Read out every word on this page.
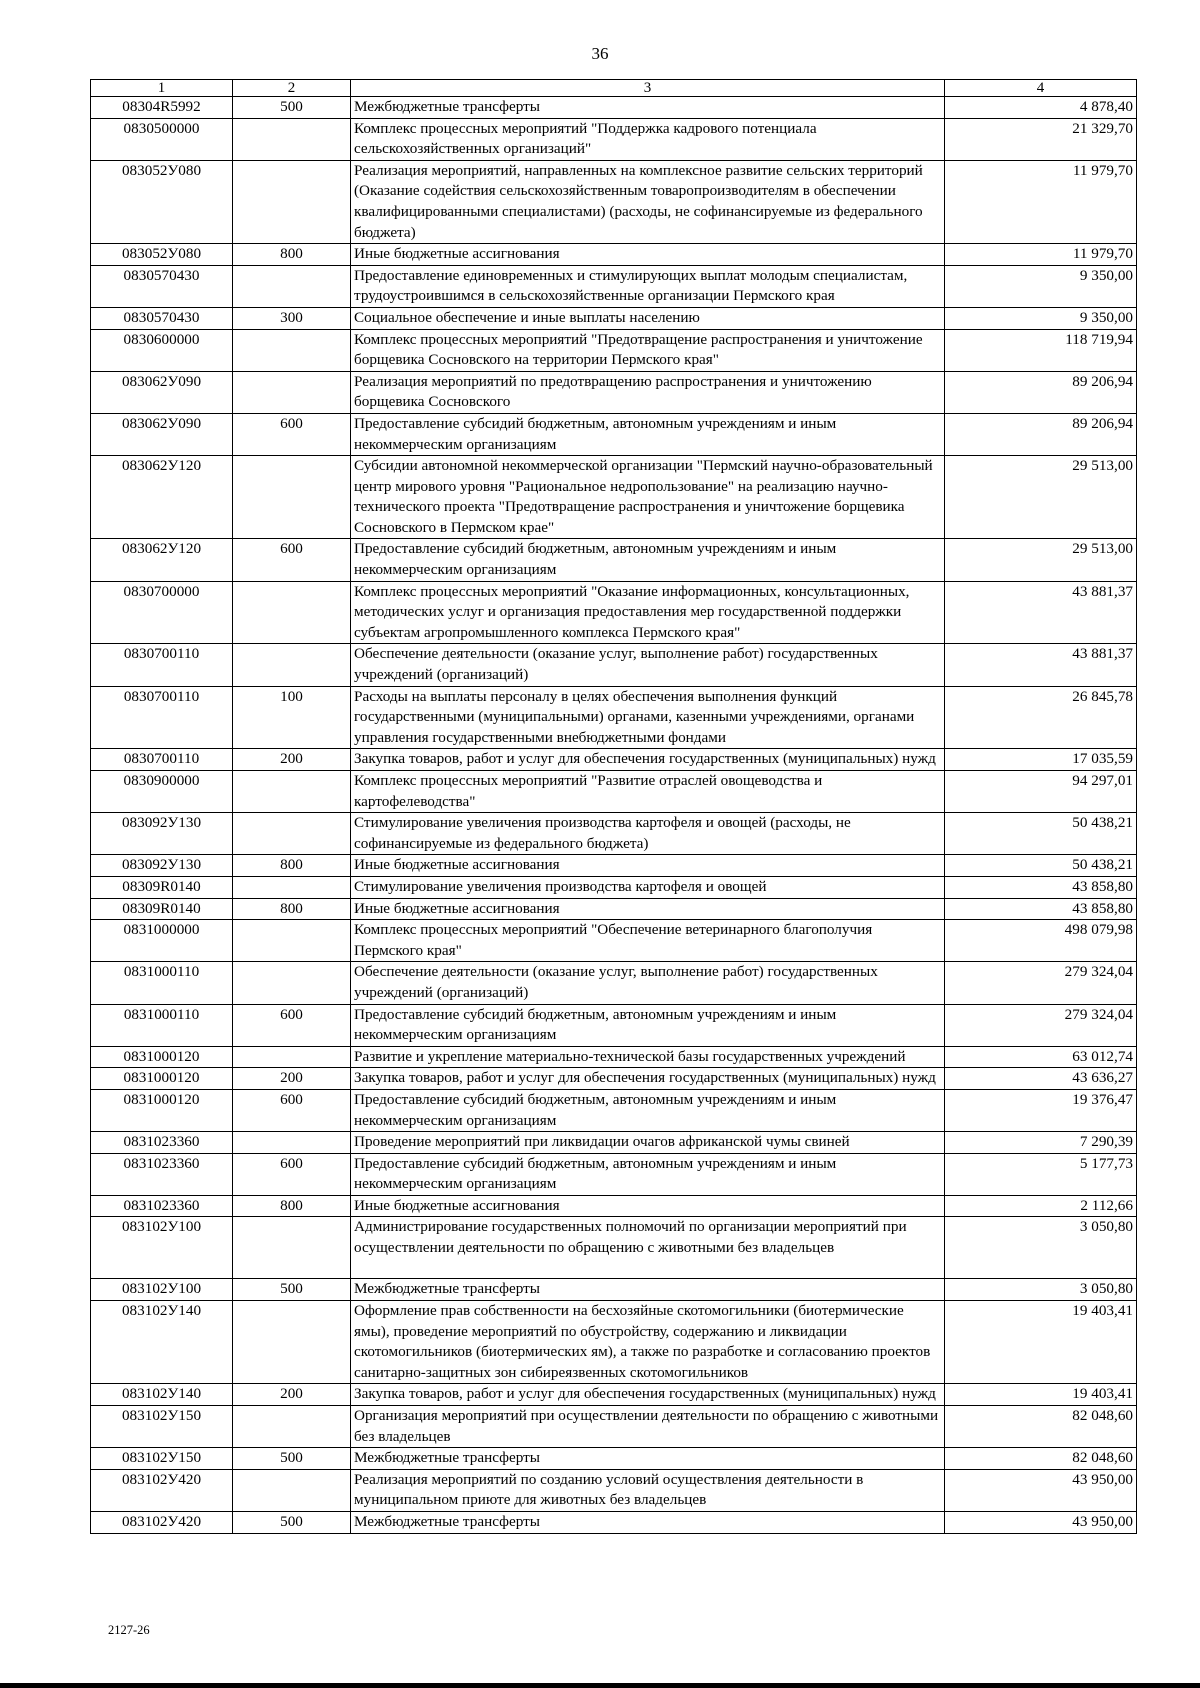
36
1	2	3	4
08304R5992	500	Межбюджетные трансферты	4 878,40
0830500000		Комплекс процессных мероприятий "Поддержка кадрового потенциала сельскохозяйственных организаций"	21 329,70
083052У080		Реализация мероприятий, направленных на комплексное развитие сельских территорий (Оказание содействия сельскохозяйственным товаропроизводителям в обеспечении квалифицированными специалистами) (расходы, не софинансируемые из федерального бюджета)	11 979,70
083052У080	800	Иные бюджетные ассигнования	11 979,70
0830570430		Предоставление единовременных и стимулирующих выплат молодым специалистам, трудоустроившимся в сельскохозяйственные организации Пермского края	9 350,00
0830570430	300	Социальное обеспечение и иные выплаты населению	9 350,00
0830600000		Комплекс процессных мероприятий "Предотвращение распространения и уничтожение борщевика Сосновского на территории Пермского края"	118 719,94
083062У090		Реализация мероприятий по предотвращению распространения и уничтожению борщевика Сосновского	89 206,94
083062У090	600	Предоставление субсидий бюджетным, автономным учреждениям и иным некоммерческим организациям	89 206,94
083062У120		Субсидии автономной некоммерческой организации "Пермский научно-образовательный центр мирового уровня "Рациональное недропользование" на реализацию научно-технического проекта "Предотвращение распространения и уничтожение борщевика Сосновского в Пермском крае"	29 513,00
083062У120	600	Предоставление субсидий бюджетным, автономным учреждениям и иным некоммерческим организациям	29 513,00
0830700000		Комплекс процессных мероприятий "Оказание информационных, консультационных, методических услуг и организация предоставления мер государственной поддержки субъектам агропромышленного комплекса Пермского края"	43 881,37
0830700110		Обеспечение деятельности (оказание услуг, выполнение работ) государственных учреждений (организаций)	43 881,37
0830700110	100	Расходы на выплаты персоналу в целях обеспечения выполнения функций государственными (муниципальными) органами, казенными учреждениями, органами управления государственными внебюджетными фондами	26 845,78
0830700110	200	Закупка товаров, работ и услуг для обеспечения государственных (муниципальных) нужд	17 035,59
0830900000		Комплекс процессных мероприятий "Развитие отраслей овощеводства и картофелеводства"	94 297,01
083092У130		Стимулирование увеличения производства картофеля и овощей (расходы, не софинансируемые из федерального бюджета)	50 438,21
083092У130	800	Иные бюджетные ассигнования	50 438,21
08309R0140		Стимулирование увеличения производства картофеля и овощей	43 858,80
08309R0140	800	Иные бюджетные ассигнования	43 858,80
0831000000		Комплекс процессных мероприятий "Обеспечение ветеринарного благополучия Пермского края"	498 079,98
0831000110		Обеспечение деятельности (оказание услуг, выполнение работ) государственных учреждений (организаций)	279 324,04
0831000110	600	Предоставление субсидий бюджетным, автономным учреждениям и иным некоммерческим организациям	279 324,04
0831000120		Развитие и укрепление материально-технической базы государственных учреждений	63 012,74
0831000120	200	Закупка товаров, работ и услуг для обеспечения государственных (муниципальных) нужд	43 636,27
0831000120	600	Предоставление субсидий бюджетным, автономным учреждениям и иным некоммерческим организациям	19 376,47
0831023360		Проведение мероприятий при ликвидации очагов африканской чумы свиней	7 290,39
0831023360	600	Предоставление субсидий бюджетным, автономным учреждениям и иным некоммерческим организациям	5 177,73
0831023360	800	Иные бюджетные ассигнования	2 112,66
083102У100		Администрирование государственных полномочий по организации мероприятий при осуществлении деятельности по обращению с животными без владельцев	3 050,80
083102У100	500	Межбюджетные трансферты	3 050,80
083102У140		Оформление прав собственности на бесхозяйные скотомогильники (биотермические ямы), проведение мероприятий по обустройству, содержанию и ликвидации скотомогильников (биотермических ям), а также по разработке и согласованию проектов санитарно-защитных зон сибиреязвенных скотомогильников	19 403,41
083102У140	200	Закупка товаров, работ и услуг для обеспечения государственных (муниципальных) нужд	19 403,41
083102У150		Организация мероприятий при осуществлении деятельности по обращению с животными без владельцев	82 048,60
083102У150	500	Межбюджетные трансферты	82 048,60
083102У420		Реализация мероприятий по созданию условий осуществления деятельности в муниципальном приюте для животных без владельцев	43 950,00
083102У420	500	Межбюджетные трансферты	43 950,00
2127-26
